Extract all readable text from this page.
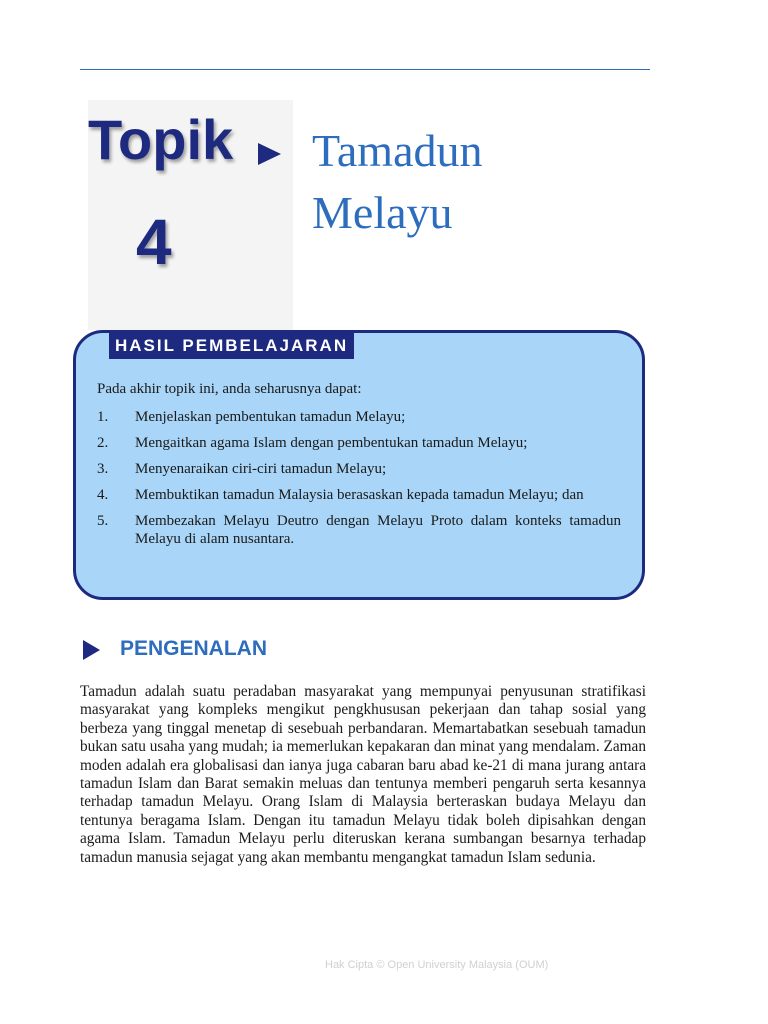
Topik
4
Tamadun
Melayu
HASIL PEMBELAJARAN
Pada akhir topik ini, anda seharusnya dapat:
1.	Menjelaskan pembentukan tamadun Melayu;
2.	Mengaitkan agama Islam dengan pembentukan tamadun Melayu;
3.	Menyenaraikan ciri-ciri tamadun Melayu;
4.	Membuktikan tamadun Malaysia berasaskan kepada tamadun Melayu; dan
5.	Membezakan Melayu Deutro dengan Melayu Proto dalam konteks tamadun Melayu di alam nusantara.
PENGENALAN

Tamadun adalah suatu peradaban masyarakat yang mempunyai penyusunan stratifikasi masyarakat yang kompleks mengikut pengkhususan pekerjaan dan tahap sosial yang berbeza yang tinggal menetap di sesebuah perbandaran. Memartabatkan sesebuah tamadun bukan satu usaha yang mudah; ia memerlukan kepakaran dan minat yang mendalam. Zaman moden adalah era globalisasi dan ianya juga cabaran baru abad ke-21 di mana jurang antara tamadun Islam dan Barat semakin meluas dan tentunya memberi pengaruh serta kesannya terhadap tamadun Melayu. Orang Islam di Malaysia berteraskan budaya Melayu dan tentunya beragama Islam. Dengan itu tamadun Melayu tidak boleh dipisahkan dengan agama Islam. Tamadun Melayu perlu diteruskan kerana sumbangan besarnya terhadap tamadun manusia sejagat yang akan membantu mengangkat tamadun Islam sedunia.

Hak Cipta © Open University Malaysia (OUM)
